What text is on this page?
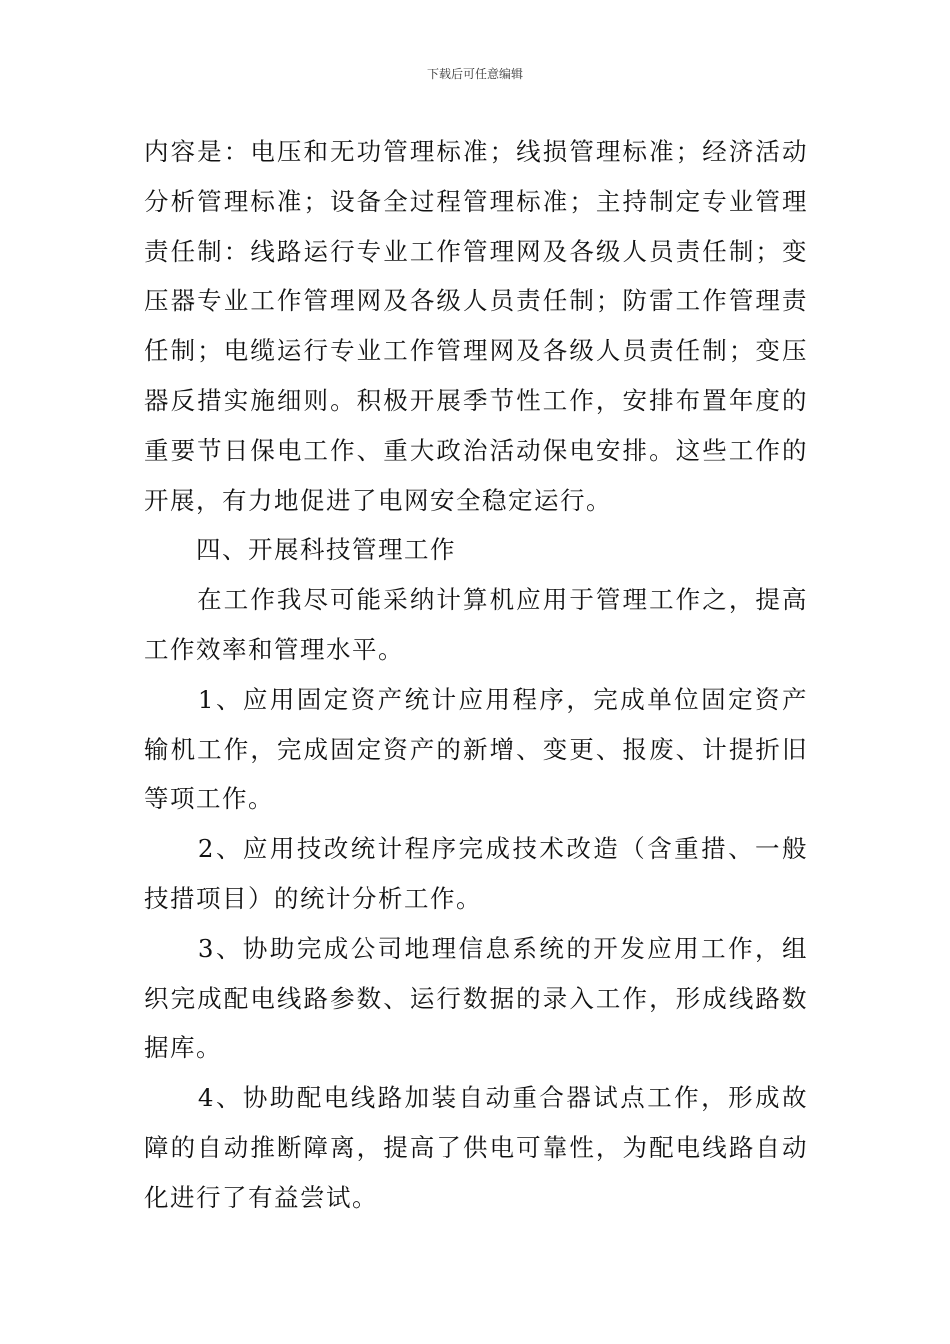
下载后可任意编辑

内容是：电压和无功管理标准；线损管理标准；经济活动分析管理标准；设备全过程管理标准；主持制定专业管理责任制：线路运行专业工作管理网及各级人员责任制；变压器专业工作管理网及各级人员责任制；防雷工作管理责任制；电缆运行专业工作管理网及各级人员责任制；变压器反措实施细则。积极开展季节性工作，安排布置年度的重要节日保电工作、重大政治活动保电安排。这些工作的开展，有力地促进了电网安全稳定运行。

　　四、开展科技管理工作

　　在工作我尽可能采纳计算机应用于管理工作之，提高工作效率和管理水平。

　　1、应用固定资产统计应用程序，完成单位固定资产输机工作，完成固定资产的新增、变更、报废、计提折旧等项工作。

　　2、应用技改统计程序完成技术改造（含重措、一般技措项目）的统计分析工作。

　　3、协助完成公司地理信息系统的开发应用工作，组织完成配电线路参数、运行数据的录入工作，形成线路数据库。

　　4、协助配电线路加装自动重合器试点工作，形成故障的自动推断障离，提高了供电可靠性，为配电线路自动化进行了有益尝试。
